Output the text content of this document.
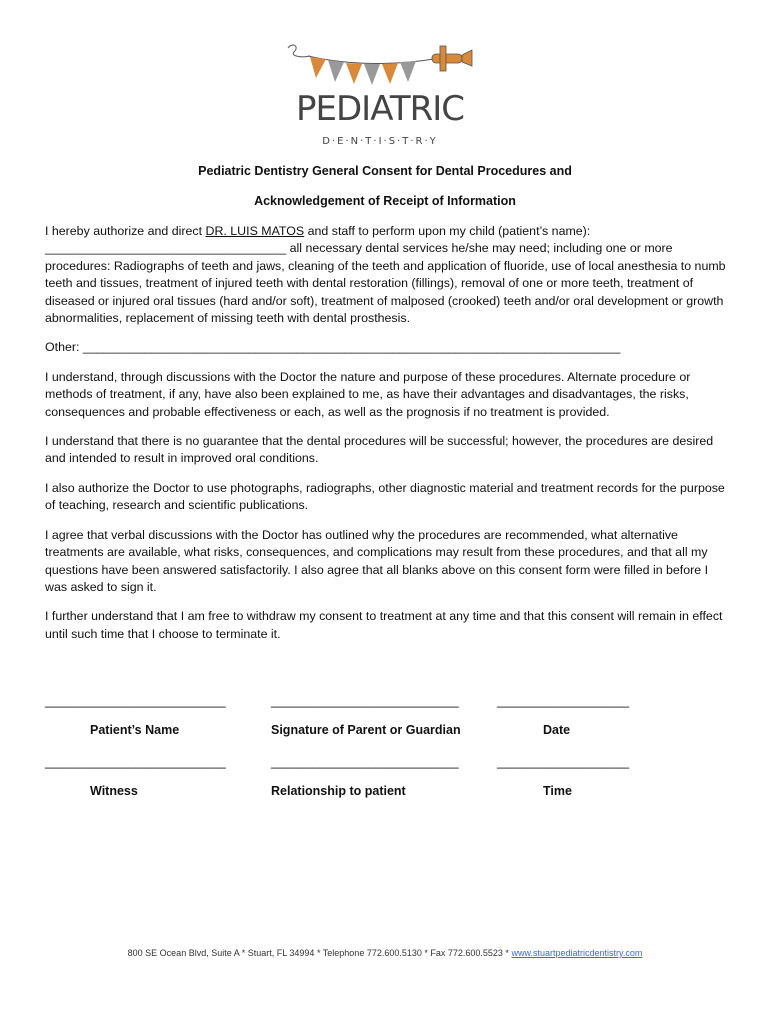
PEDIATRIC
D·E·N·T·I·S·T·R·Y
Pediatric Dentistry General Consent for Dental Procedures and
Acknowledgement of Receipt of Information

I hereby authorize and direct DR. LUIS MATOS and staff to perform upon my child (patient’s name): ___________________________________ all necessary dental services he/she may need; including one or more procedures: Radiographs of teeth and jaws, cleaning of the teeth and application of fluoride, use of local anesthesia to numb teeth and tissues, treatment of injured teeth with dental restoration (fillings), removal of one or more teeth, treatment of diseased or injured oral tissues (hard and/or soft), treatment of malposed (crooked) teeth and/or oral development or growth abnormalities, replacement of missing teeth with dental prosthesis.

Other: ______________________________________________________________________________

I understand, through discussions with the Doctor the nature and purpose of these procedures. Alternate procedure or methods of treatment, if any, have also been explained to me, as have their advantages and disadvantages, the risks, consequences and probable effectiveness or each, as well as the prognosis if no treatment is provided.

I understand that there is no guarantee that the dental procedures will be successful; however, the procedures are desired and intended to result in improved oral conditions.

I also authorize the Doctor to use photographs, radiographs, other diagnostic material and treatment records for the purpose of teaching, research and scientific publications.

I agree that verbal discussions with the Doctor has outlined why the procedures are recommended, what alternative treatments are available, what risks, consequences, and complications may result from these procedures, and that all my questions have been answered satisfactorily. I also agree that all blanks above on this consent form were filled in before I was asked to sign it.

I further understand that I am free to withdraw my consent to treatment at any time and that this consent will remain in effect until such time that I choose to terminate it.

__________________________	___________________________	___________________
Patient’s Name	Signature of Parent or Guardian	Date
__________________________	___________________________	___________________
Witness	Relationship to patient	Time
800 SE Ocean Blvd, Suite A * Stuart, FL 34994 * Telephone 772.600.5130 * Fax 772.600.5523 * www.stuartpediatricdentistry.com
